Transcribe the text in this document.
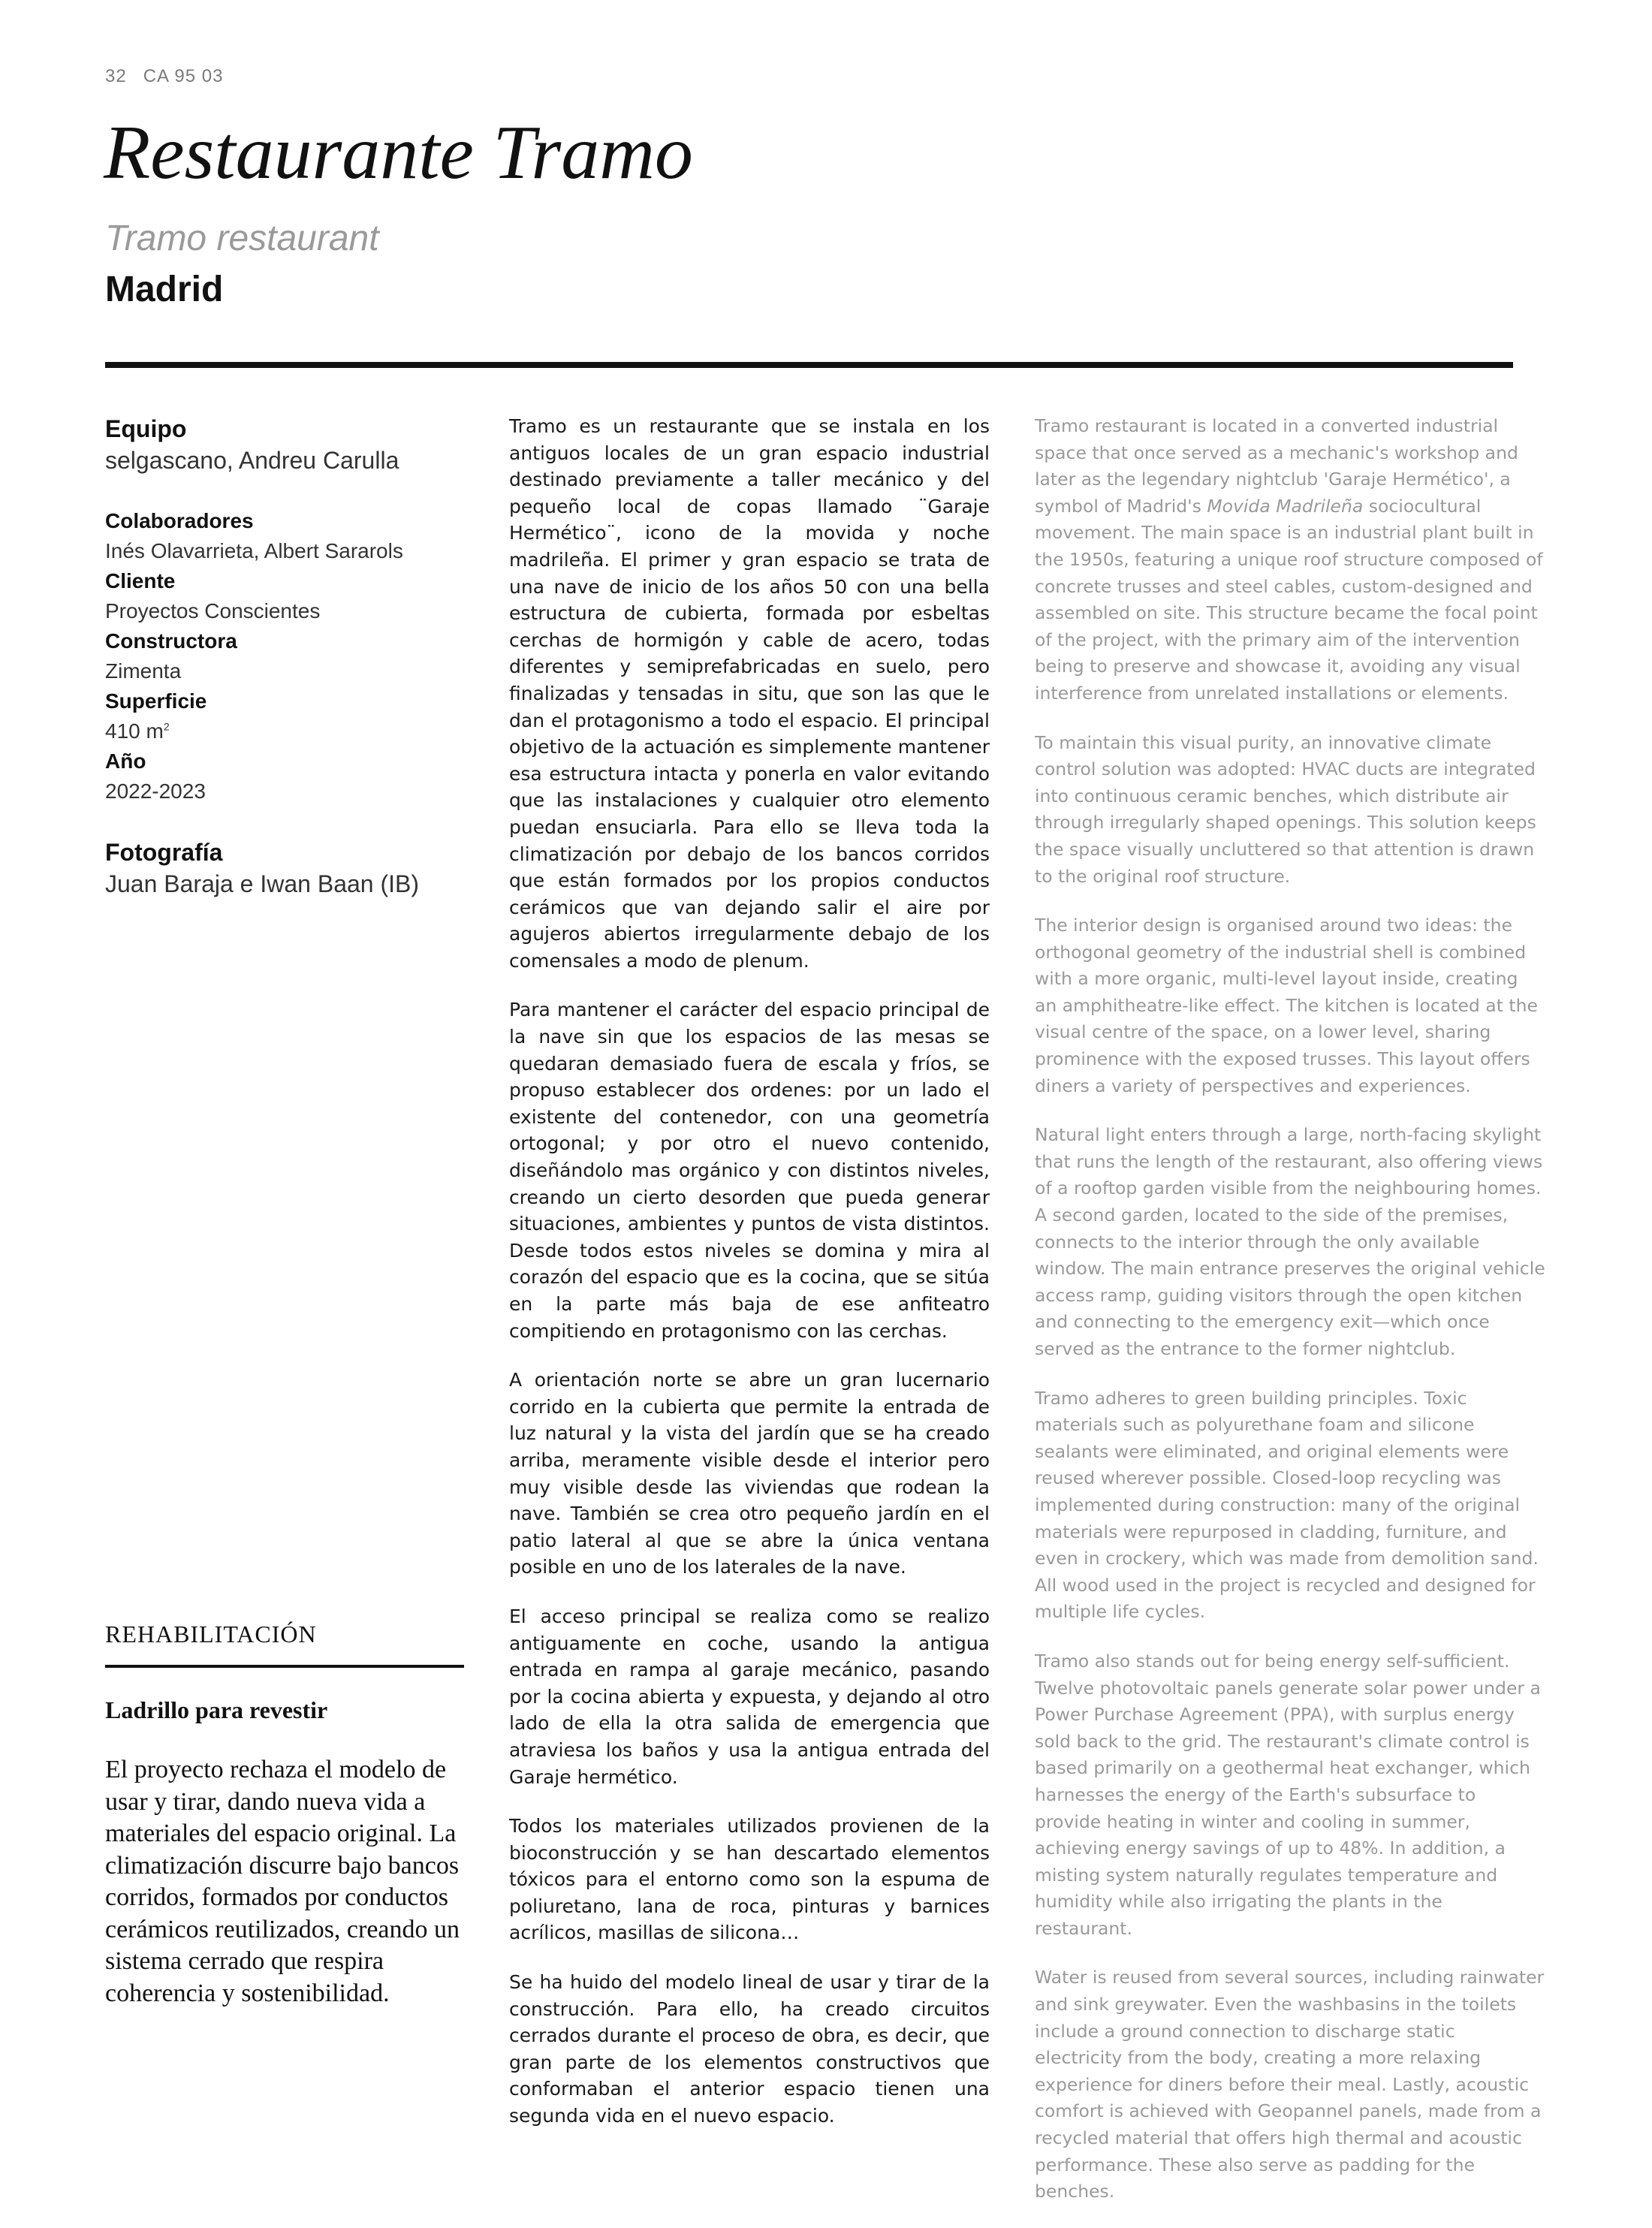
32 CA 95 03
Restaurante Tramo
Tramo restaurant
Madrid
Equipo
selgascano, Andreu Carulla
Colaboradores
Inés Olavarrieta, Albert Sararols
Cliente
Proyectos Conscientes
Constructora
Zimenta
Superficie
410 $m^2$
Año
2022-2023
Fotografía
Juan Baraja e Iwan Baan (IB)
REHABILITACIÓN
Ladrillo para revestir
El proyecto rechaza el modelo de usar y tirar, dando nueva vida a materiales del espacio original. La climatización discurre bajo bancos corridos, formados por conductos cerámicos reutilizados, creando un sistema cerrado que respira coherencia y sostenibilidad.

Tramo es un restaurante que se instala en los antiguos locales de un gran espacio industrial destinado previamente a taller mecánico y del pequeño local de copas llamado ¨Garaje Hermético¨, icono de la movida y noche madrileña. El primer y gran espacio se trata de una nave de inicio de los años 50 con una bella estructura de cubierta, formada por esbeltas cerchas de hormigón y cable de acero, todas diferentes y semiprefabricadas en suelo, pero finalizadas y tensadas in situ, que son las que le dan el protagonismo a todo el espacio. El principal objetivo de la actuación es simplemente mantener esa estructura intacta y ponerla en valor evitando que las instalaciones y cualquier otro elemento puedan ensuciarla. Para ello se lleva toda la climatización por debajo de los bancos corridos que están formados por los propios conductos cerámicos que van dejando salir el aire por agujeros abiertos irregularmente debajo de los comensales a modo de plenum.

Para mantener el carácter del espacio principal de la nave sin que los espacios de las mesas se quedaran demasiado fuera de escala y fríos, se propuso establecer dos ordenes: por un lado el existente del contenedor, con una geometría ortogonal; y por otro el nuevo contenido, diseñándolo mas orgánico y con distintos niveles, creando un cierto desorden que pueda generar situaciones, ambientes y puntos de vista distintos. Desde todos estos niveles se domina y mira al corazón del espacio que es la cocina, que se sitúa en la parte más baja de ese anfiteatro compitiendo en protagonismo con las cerchas.

A orientación norte se abre un gran lucernario corrido en la cubierta que permite la entrada de luz natural y la vista del jardín que se ha creado arriba, meramente visible desde el interior pero muy visible desde las viviendas que rodean la nave. También se crea otro pequeño jardín en el patio lateral al que se abre la única ventana posible en uno de los laterales de la nave.

El acceso principal se realiza como se realizo antiguamente en coche, usando la antigua entrada en rampa al garaje mecánico, pasando por la cocina abierta y expuesta, y dejando al otro lado de ella la otra salida de emergencia que atraviesa los baños y usa la antigua entrada del Garaje hermético.

Todos los materiales utilizados provienen de la bioconstrucción y se han descartado elementos tóxicos para el entorno como son la espuma de poliuretano, lana de roca, pinturas y barnices acrílicos, masillas de silicona…

Se ha huido del modelo lineal de usar y tirar de la construcción. Para ello, ha creado circuitos cerrados durante el proceso de obra, es decir, que gran parte de los elementos constructivos que conformaban el anterior espacio tienen una segunda vida en el nuevo espacio.

Tramo restaurant is located in a converted industrial space that once served as a mechanic's workshop and later as the legendary nightclub 'Garaje Hermético', a symbol of Madrid's Movida Madrileña sociocultural movement. The main space is an industrial plant built in the 1950s, featuring a unique roof structure composed of concrete trusses and steel cables, custom-designed and assembled on site. This structure became the focal point of the project, with the primary aim of the intervention being to preserve and showcase it, avoiding any visual interference from unrelated installations or elements.

To maintain this visual purity, an innovative climate control solution was adopted: HVAC ducts are integrated into continuous ceramic benches, which distribute air through irregularly shaped openings. This solution keeps the space visually uncluttered so that attention is drawn to the original roof structure.

The interior design is organised around two ideas: the orthogonal geometry of the industrial shell is combined with a more organic, multi-level layout inside, creating an amphitheatre-like effect. The kitchen is located at the visual centre of the space, on a lower level, sharing prominence with the exposed trusses. This layout offers diners a variety of perspectives and experiences.

Natural light enters through a large, north-facing skylight that runs the length of the restaurant, also offering views of a rooftop garden visible from the neighbouring homes. A second garden, located to the side of the premises, connects to the interior through the only available window. The main entrance preserves the original vehicle access ramp, guiding visitors through the open kitchen and connecting to the emergency exit—which once served as the entrance to the former nightclub.

Tramo adheres to green building principles. Toxic materials such as polyurethane foam and silicone sealants were eliminated, and original elements were reused wherever possible. Closed-loop recycling was implemented during construction: many of the original materials were repurposed in cladding, furniture, and even in crockery, which was made from demolition sand. All wood used in the project is recycled and designed for multiple life cycles.

Tramo also stands out for being energy self-sufficient. Twelve photovoltaic panels generate solar power under a Power Purchase Agreement (PPA), with surplus energy sold back to the grid. The restaurant's climate control is based primarily on a geothermal heat exchanger, which harnesses the energy of the Earth's subsurface to provide heating in winter and cooling in summer, achieving energy savings of up to 48%. In addition, a misting system naturally regulates temperature and humidity while also irrigating the plants in the restaurant.

Water is reused from several sources, including rainwater and sink greywater. Even the washbasins in the toilets include a ground connection to discharge static electricity from the body, creating a more relaxing experience for diners before their meal. Lastly, acoustic comfort is achieved with Geopannel panels, made from a recycled material that offers high thermal and acoustic performance. These also serve as padding for the benches.
